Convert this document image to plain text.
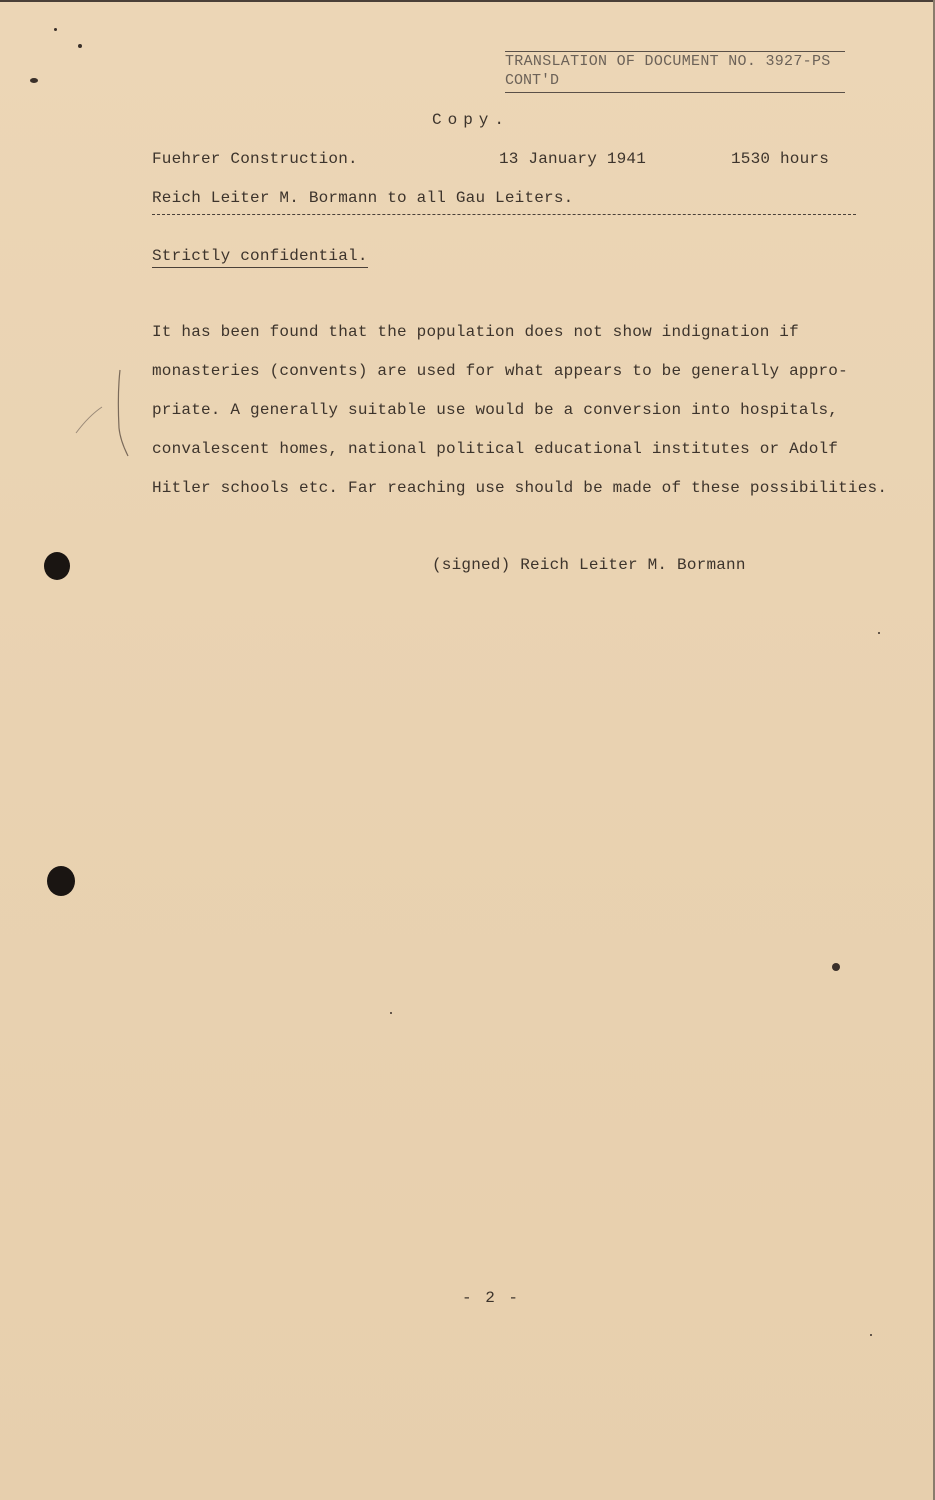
TRANSLATION OF DOCUMENT NO. 3927-PS
CONT'D
Copy.
Fuehrer Construction.	13 January 1941	1530 hours
Reich Leiter M. Bormann to all Gau Leiters.
Strictly confidential.
It has been found that the population does not show indignation if
monasteries (convents) are used for what appears to be generally appro-
priate. A generally suitable use would be a conversion into hospitals,
convalescent homes, national political educational institutes or Adolf
Hitler schools etc. Far reaching use should be made of these possibilities.
(signed) Reich Leiter M. Bormann
- 2 -
